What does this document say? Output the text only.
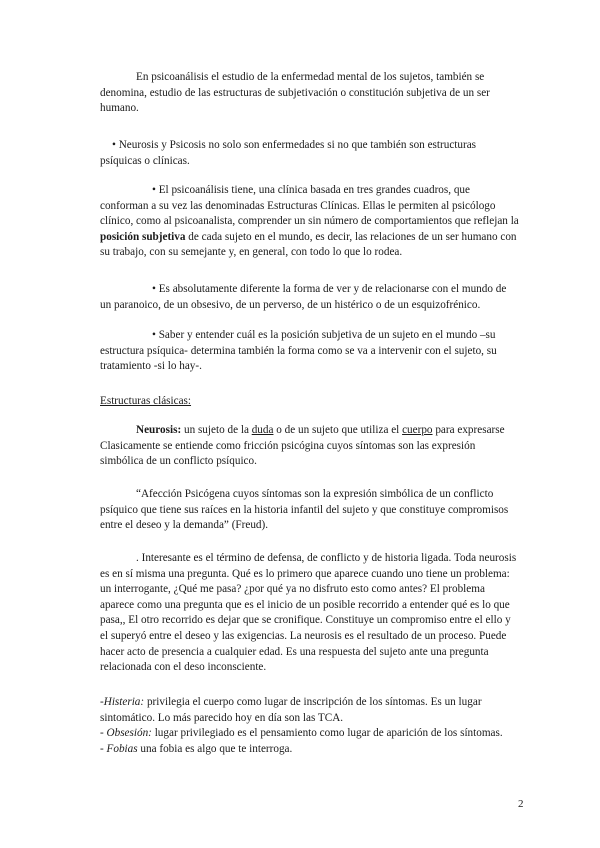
En psicoanálisis el estudio de la enfermedad mental de los sujetos, también se denomina, estudio de las estructuras de subjetivación o constitución subjetiva de un ser humano.

• Neurosis y Psicosis no solo son enfermedades si no que también son estructuras psíquicas o clínicas.

• El psicoanálisis tiene, una clínica basada en tres grandes cuadros, que conforman a su vez las denominadas Estructuras Clínicas. Ellas le permiten al psicólogo clínico, como al psicoanalista, comprender un sin número de comportamientos que reflejan la posición subjetiva de cada sujeto en el mundo, es decir, las relaciones de un ser humano con su trabajo, con su semejante y, en general, con todo lo que lo rodea.

• Es absolutamente diferente la forma de ver y de relacionarse con el mundo de un paranoico, de un obsesivo, de un perverso, de un histérico o de un esquizofrénico.

• Saber y entender cuál es la posición subjetiva de un sujeto en el mundo –su estructura psíquica- determina también la forma como se va a intervenir con el sujeto, su tratamiento -si lo hay-.

Estructuras clásicas:

Neurosis: un sujeto de la duda o de un sujeto que utiliza el cuerpo para expresarse Clasicamente se entiende como fricción psicógina cuyos síntomas son las expresión simbólica de un conflicto psíquico.

“Afección Psicógena cuyos síntomas son la expresión simbólica de un conflicto psíquico que tiene sus raíces en la historia infantil del sujeto y que constituye compromisos entre el deseo y la demanda” (Freud).

. Interesante es el término de defensa, de conflicto y de historia ligada. Toda neurosis es en sí misma una pregunta. Qué es lo primero que aparece cuando uno tiene un problema: un interrogante, ¿Qué me pasa? ¿por qué ya no disfruto esto como antes? El problema aparece como una pregunta que es el inicio de un posible recorrido a entender qué es lo que pasa,, El otro recorrido es dejar que se cronifique. Constituye un compromiso entre el ello y el superyó entre el deseo y las exigencias. La neurosis es el resultado de un proceso. Puede hacer acto de presencia a cualquier edad. Es una respuesta del sujeto ante una pregunta relacionada con el deso inconsciente.

-Histeria: privilegia el cuerpo como lugar de inscripción de los síntomas. Es un lugar sintomático. Lo más parecido hoy en día son las TCA.
- Obsesión: lugar privilegiado es el pensamiento como lugar de aparición de los síntomas.
- Fobias una fobia es algo que te interroga.

2
